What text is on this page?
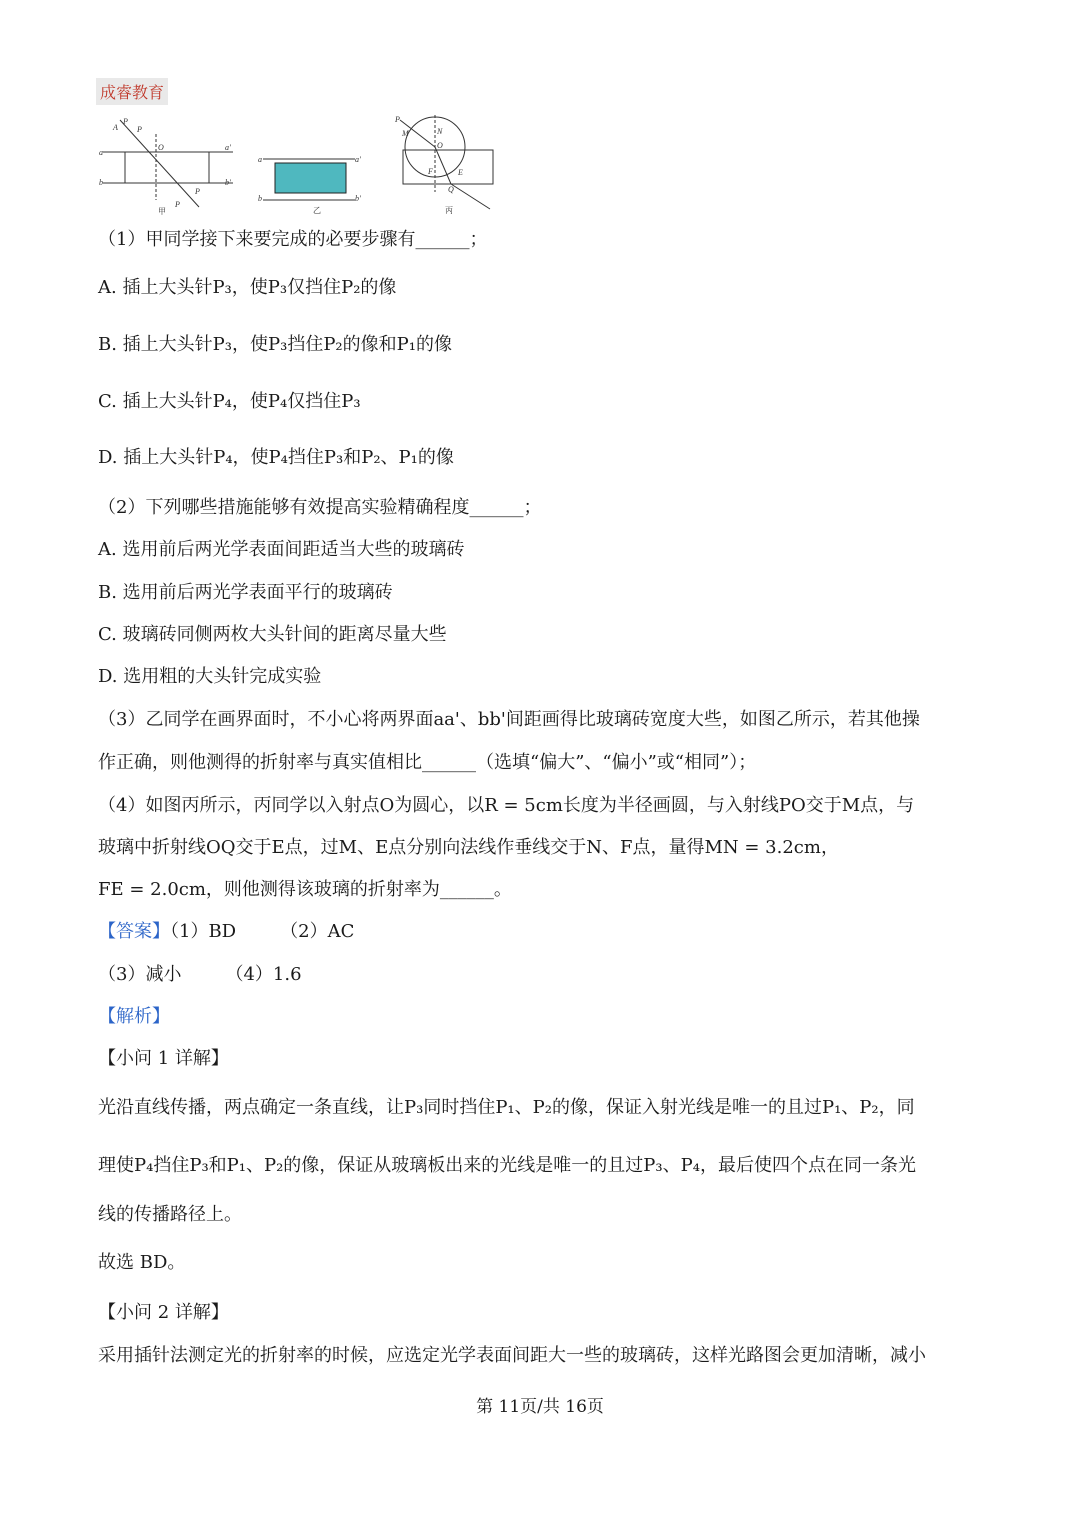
成睿教育
a
b
a'
b'
A
O
P
P
P
P
甲
a
b
a'
b'
乙
P
M	N
O
F	E
Q
丙
（1）甲同学接下来要完成的必要步骤有______；
A. 插上大头针P₃，使P₃仅挡住P₂的像
B. 插上大头针P₃，使P₃挡住P₂的像和P₁的像
C. 插上大头针P₄，使P₄仅挡住P₃
D. 插上大头针P₄，使P₄挡住P₃和P₂、P₁的像
（2）下列哪些措施能够有效提高实验精确程度______；
A. 选用前后两光学表面间距适当大些的玻璃砖
B. 选用前后两光学表面平行的玻璃砖
C. 玻璃砖同侧两枚大头针间的距离尽量大些
D. 选用粗的大头针完成实验
（3）乙同学在画界面时，不小心将两界面aa'、bb'间距画得比玻璃砖宽度大些，如图乙所示，若其他操
作正确，则他测得的折射率与真实值相比______（选填“偏大”、“偏小”或“相同”）；
（4）如图丙所示，丙同学以入射点O为圆心，以R = 5cm长度为半径画圆，与入射线PO交于M点，与
玻璃中折射线OQ交于E点，过M、E点分别向法线作垂线交于N、F点，量得MN = 3.2cm，
FE = 2.0cm，则他测得该玻璃的折射率为______。
【答案】（1）BD （2）AC
（3）减小 （4）1.6
【解析】
【小问 1 详解】
光沿直线传播，两点确定一条直线，让P₃同时挡住P₁、P₂的像，保证入射光线是唯一的且过P₁、P₂，同
理使P₄挡住P₃和P₁、P₂的像，保证从玻璃板出来的光线是唯一的且过P₃、P₄，最后使四个点在同一条光
线的传播路径上。
故选 BD。
【小问 2 详解】
采用插针法测定光的折射率的时候，应选定光学表面间距大一些的玻璃砖，这样光路图会更加清晰，减小
第 11页/共 16页
